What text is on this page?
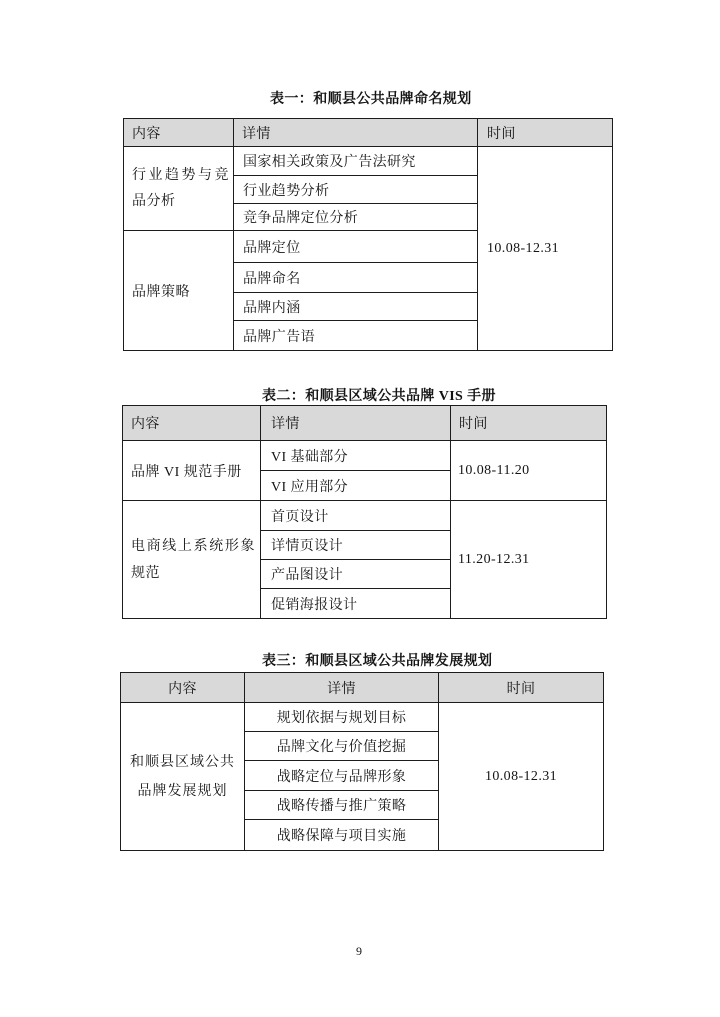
表一：和顺县公共品牌命名规划
内容	详情	时间
行业趋势与竞品分析	国家相关政策及广告法研究	10.08-12.31
	行业趋势分析	
	竞争品牌定位分析	
品牌策略	品牌定位	
	品牌命名	
	品牌内涵	
	品牌广告语	
表二：和顺县区域公共品牌 VIS 手册
内容	详情	时间
品牌 VI 规范手册	VI 基础部分	10.08-11.20
	VI 应用部分	
电商线上系统形象规范	首页设计	11.20-12.31
	详情页设计	
	产品图设计	
	促销海报设计	
表三：和顺县区域公共品牌发展规划
内容	详情	时间
和顺县区域公共品牌发展规划	规划依据与规划目标	10.08-12.31
	品牌文化与价值挖掘	
	战略定位与品牌形象	
	战略传播与推广策略	
	战略保障与项目实施	
9
